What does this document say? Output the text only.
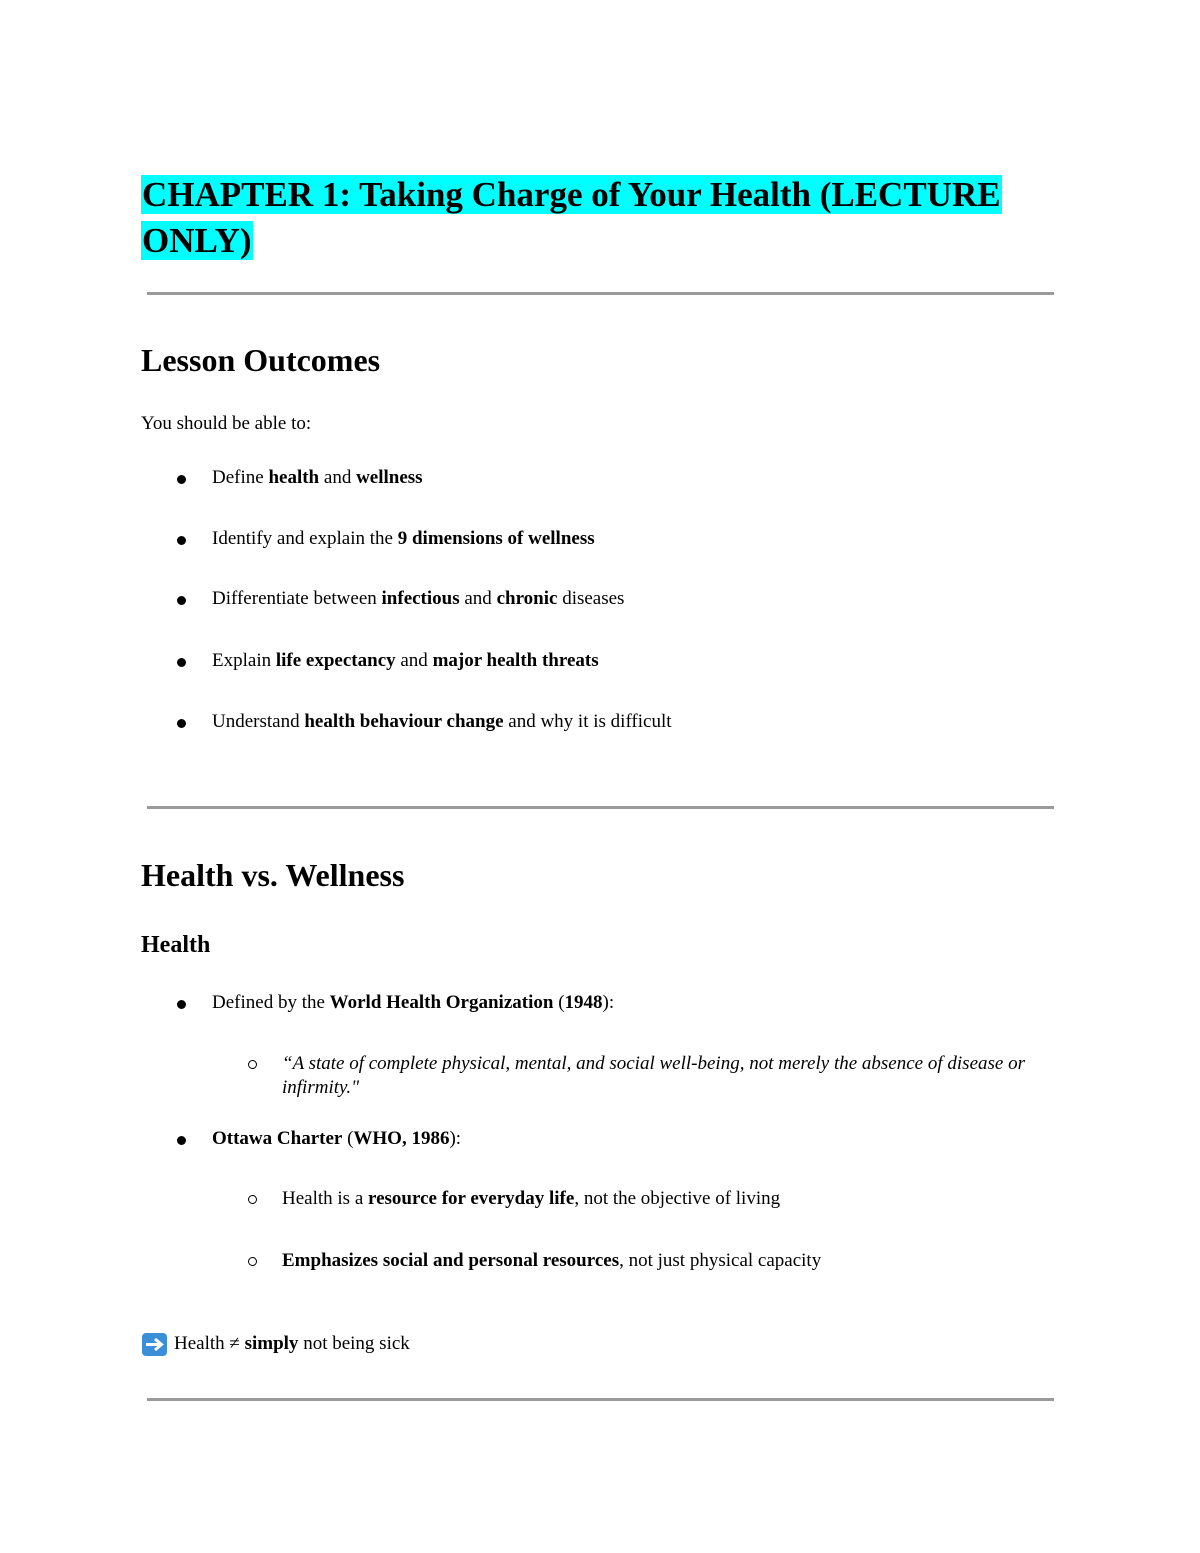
CHAPTER 1: Taking Charge of Your Health (LECTURE ONLY)
Lesson Outcomes

You should be able to:

Define health and wellness
Identify and explain the 9 dimensions of wellness
Differentiate between infectious and chronic diseases
Explain life expectancy and major health threats
Understand health behaviour change and why it is difficult
Health vs. Wellness
Health
Defined by the World Health Organization (1948):
“A state of complete physical, mental, and social well-being, not merely the absence of disease or infirmity."
Ottawa Charter (WHO, 1986):
Health is a resource for everyday life, not the objective of living
Emphasizes social and personal resources, not just physical capacity
Health ≠ simply not being sick
